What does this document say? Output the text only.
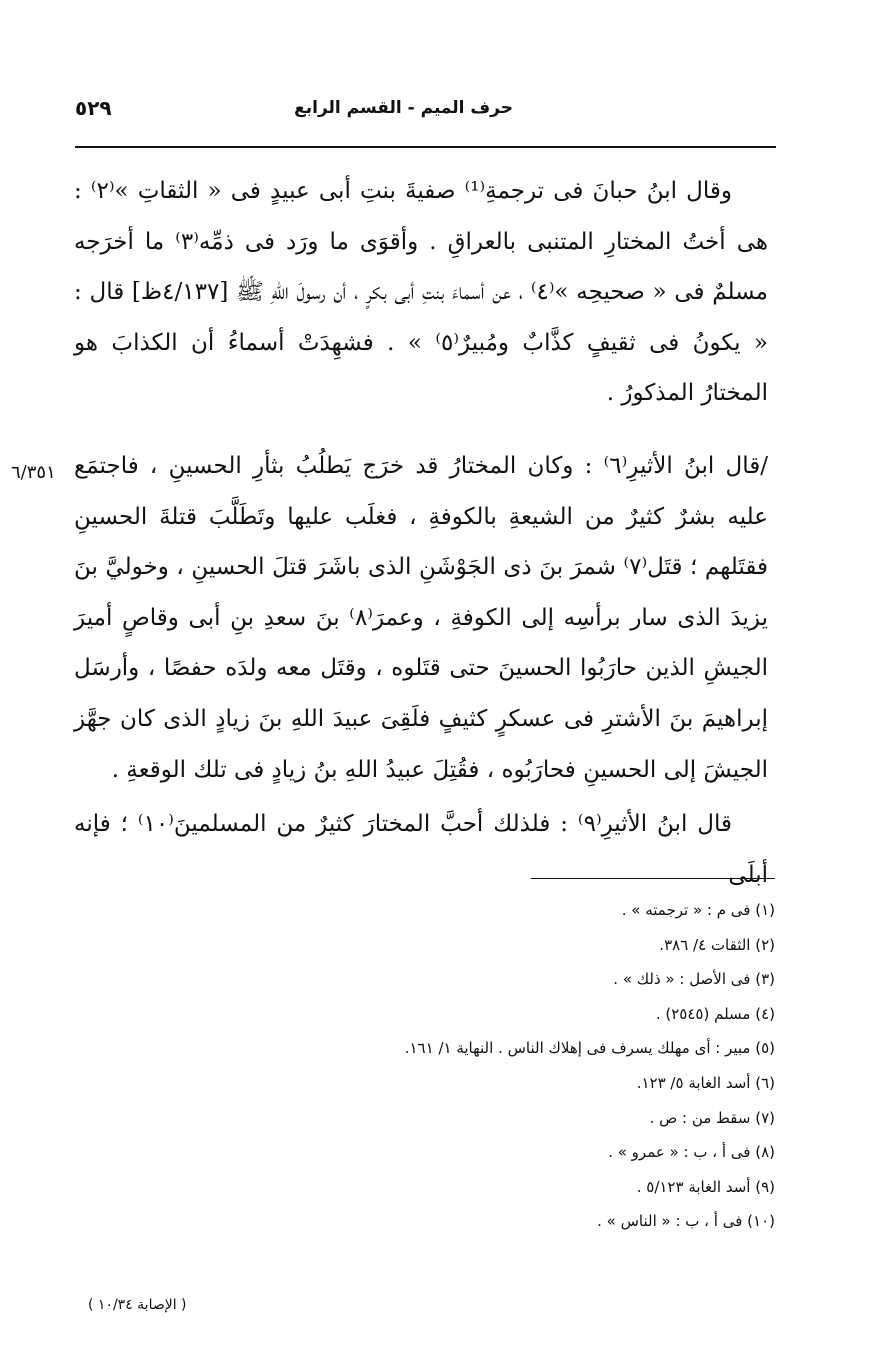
حرف الميم - القسم الرابع
٥٢٩

وقال ابنُ حبانَ فى ترجمةِ⁽¹⁾ صفيةَ بنتِ أبى عبيدٍ فى « الثقاتِ »⁽٢⁾ : هى أختُ المختارِ المتنبى بالعراقِ . وأقوَى ما ورَد فى ذمِّه⁽٣⁾ ما أخرَجه مسلمٌ فى « صحيحِه »⁽٤⁾ ، عن أسماءَ بنتِ أبى بكرٍ ، أن رسولَ اللهِ ﷺ [٤/١٣٧ظ] قال : « يكونُ فى ثقيفٍ كذَّابٌ ومُبيرٌ⁽٥⁾ » . فشهِدَتْ أسماءُ أن الكذابَ هو المختارُ المذكورُ .

/قال ابنُ الأثيرِ⁽٦⁾ : وكان المختارُ قد خرَج يَطلُبُ بثأرِ الحسينِ ، فاجتمَع عليه بشرٌ كثيرٌ من الشيعةِ بالكوفةِ ، فغلَب عليها وتَطَلَّبَ قتلةَ الحسينِ فقتَلهم ؛ قتَل⁽٧⁾ شمرَ بنَ ذى الجَوْشَنِ الذى باشَرَ قتلَ الحسينِ ، وخوليَّ بنَ يزيدَ الذى سار برأسِه إلى الكوفةِ ، وعمرَ⁽٨⁾ بنَ سعدِ بنِ أبى وقاصٍ أميرَ الجيشِ الذين حارَبُوا الحسينَ حتى قتَلوه ، وقتَل معه ولدَه حفصًا ، وأرسَل إبراهيمَ بنَ الأشترِ فى عسكرٍ كثيفٍ فلَقِىَ عبيدَ اللهِ بنَ زيادٍ الذى كان جهَّز الجيشَ إلى الحسينِ فحارَبُوه ، فقُتِلَ عبيدُ اللهِ بنُ زيادٍ فى تلك الوقعةِ .

قال ابنُ الأثيرِ⁽٩⁾ : فلذلك أحبَّ المختارَ كثيرٌ من المسلمينَ⁽١٠⁾ ؛ فإنه أبلَى

٦/٣٥١

(١) فى م : « ترجمته » .

(٢) الثقات ٤/ ٣٨٦.

(٣) فى الأصل : « ذلك » .

(٤) مسلم (٢٥٤٥) .

(٥) مبير : أى مهلك يسرف فى إهلاك الناس . النهاية ١/ ١٦١.

(٦) أسد الغابة ٥/ ١٢٣.

(٧) سقط من : ص .

(٨) فى أ ، ب : « عمرو » .

(٩) أسد الغابة ٥/١٢٣ .

(١٠) فى أ ، ب : « الناس » .

( الإصابة ١٠/٣٤ )
